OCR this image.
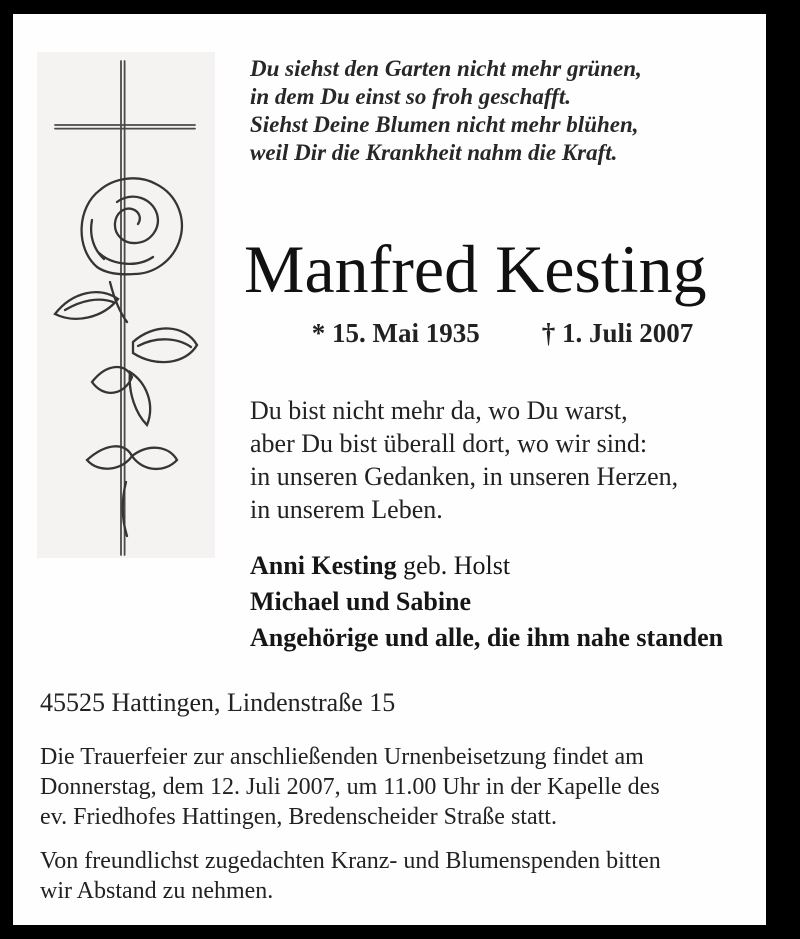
Du siehst den Garten nicht mehr grünen,
in dem Du einst so froh geschafft.
Siehst Deine Blumen nicht mehr blühen,
weil Dir die Krankheit nahm die Kraft.
Manfred Kesting
* 15. Mai 1935 † 1. Juli 2007
Du bist nicht mehr da, wo Du warst,
aber Du bist überall dort, wo wir sind:
in unseren Gedanken, in unseren Herzen,
in unserem Leben.
Anni Kesting geb. Holst
Michael und Sabine
Angehörige und alle, die ihm nahe standen
45525 Hattingen, Lindenstraße 15
Die Trauerfeier zur anschließenden Urnenbeisetzung findet am
Donnerstag, dem 12. Juli 2007, um 11.00 Uhr in der Kapelle des
ev. Friedhofes Hattingen, Bredenscheider Straße statt.
Von freundlichst zugedachten Kranz- und Blumenspenden bitten
wir Abstand zu nehmen.
